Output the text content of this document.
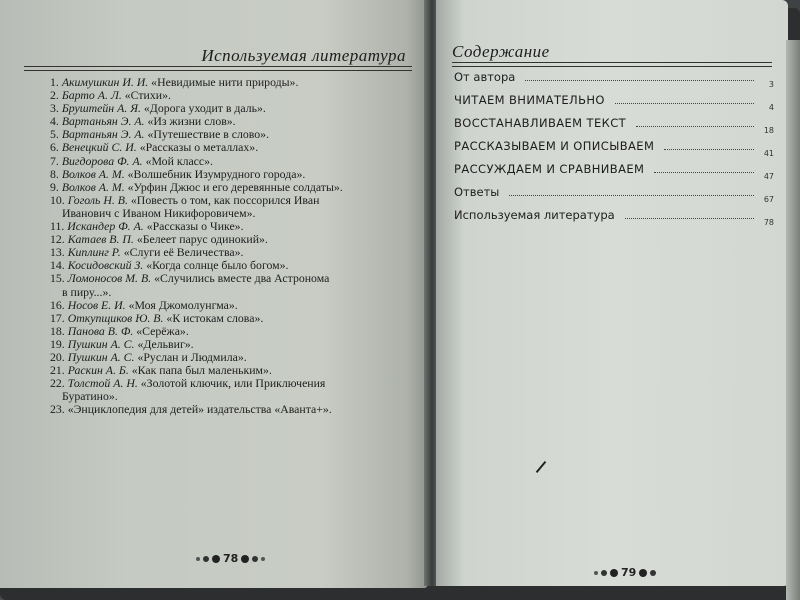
Используемая литература
1. Акимушкин И. И. «Невидимые нити природы».
2. Барто А. Л. «Стихи».
3. Бруштейн А. Я. «Дорога уходит в даль».
4. Вартаньян Э. А. «Из жизни слов».
5. Вартаньян Э. А. «Путешествие в слово».
6. Венецкий С. И. «Рассказы о металлах».
7. Вигдорова Ф. А. «Мой класс».
8. Волков А. М. «Волшебник Изумрудного города».
9. Волков А. М. «Урфин Джюс и его деревянные солдаты».
10. Гоголь Н. В. «Повесть о том, как поссорился Иван
Иванович с Иваном Никифоровичем».
11. Искандер Ф. А. «Рассказы о Чике».
12. Катаев В. П. «Белеет парус одинокий».
13. Киплинг Р. «Слуги её Величества».
14. Косидовский З. «Когда солнце было богом».
15. Ломоносов М. В. «Случились вместе два Астронома
в пиру...».
16. Носов Е. И. «Моя Джомолунгма».
17. Откупщиков Ю. В. «К истокам слова».
18. Панова В. Ф. «Серёжа».
19. Пушкин А. С. «Дельвиг».
20. Пушкин А. С. «Руслан и Людмила».
21. Раскин А. Б. «Как папа был маленьким».
22. Толстой А. Н. «Золотой ключик, или Приключения
Буратино».
23. «Энциклопедия для детей» издательства «Аванта+».
78
Содержание
От автора
3
ЧИТАЕМ ВНИМАТЕЛЬНО
4
ВОССТАНАВЛИВАЕМ ТЕКСТ
18
РАССКАЗЫВАЕМ И ОПИСЫВАЕМ
41
РАССУЖДАЕМ И СРАВНИВАЕМ
47
Ответы
67
Используемая литература
78
79
